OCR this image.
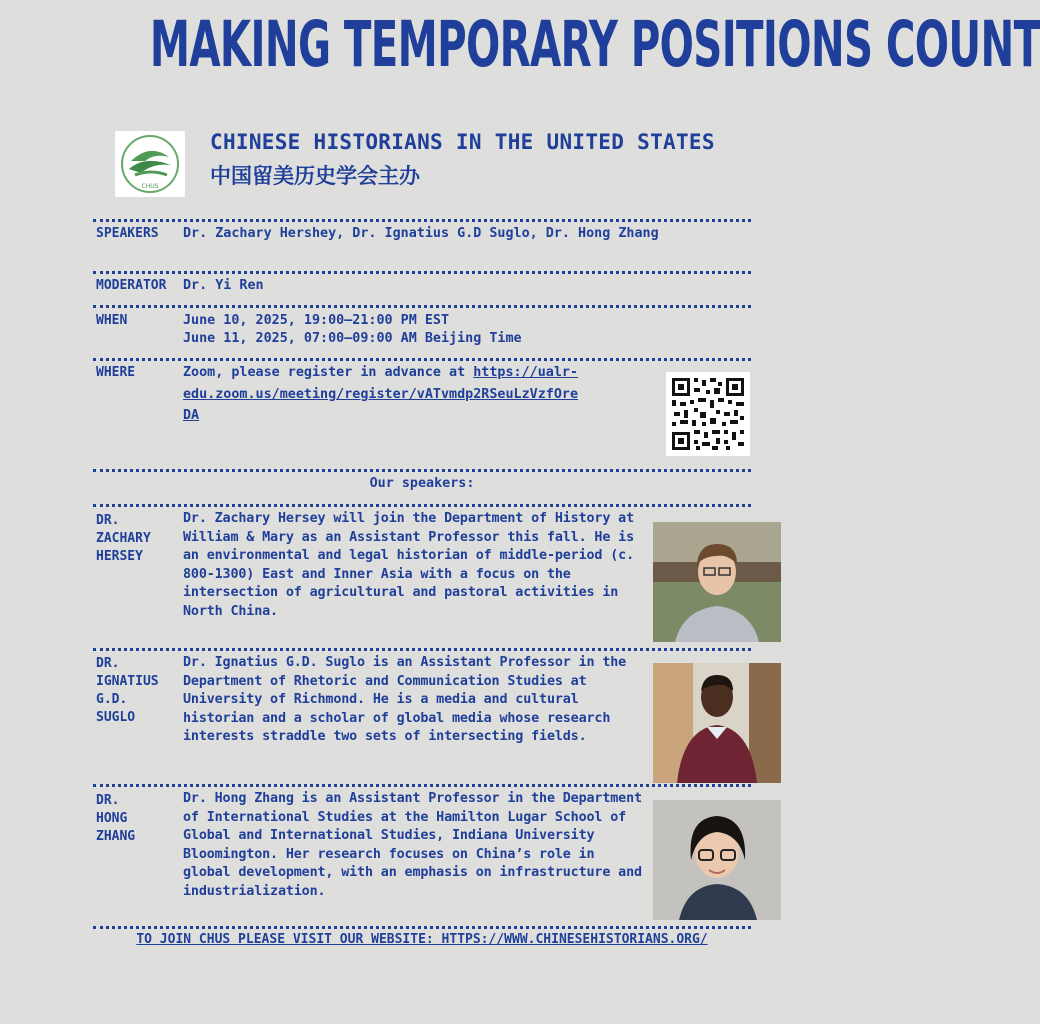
MAKING TEMPORARY POSITIONS COUNT
CHUS
CHINESE HISTORIANS IN THE UNITED STATES
中国留美历史学会主办
SPEAKERS Dr. Zachary Hershey, Dr. Ignatius G.D Suglo, Dr. Hong Zhang
MODERATOR Dr. Yi Ren
WHEN	June 10, 2025, 19:00–21:00 PM EST
June 11, 2025, 07:00–09:00 AM Beijing Time
WHERE	Zoom, please register in advance at https://ualr-
edu.zoom.us/meeting/register/vATvmdp2RSeuLzVzfOre
DA
Our speakers:
DR.
ZACHARY
HERSEY
Dr. Zachary Hersey will join the Department of History at William & Mary as an Assistant Professor this fall. He is an environmental and legal historian of middle-period (c. 800-1300) East and Inner Asia with a focus on the intersection of agricultural and pastoral activities in North China.
DR.
IGNATIUS
G.D.
SUGLO
Dr. Ignatius G.D. Suglo is an Assistant Professor in the Department of Rhetoric and Communication Studies at University of Richmond. He is a media and cultural historian and a scholar of global media whose research interests straddle two sets of intersecting fields.
DR.
HONG
ZHANG
Dr. Hong Zhang is an Assistant Professor in the Department of International Studies at the Hamilton Lugar School of Global and International Studies, Indiana University Bloomington. Her research focuses on China’s role in global development, with an emphasis on infrastructure and industrialization.
TO JOIN CHUS PLEASE VISIT OUR WEBSITE: HTTPS://WWW.CHINESEHISTORIANS.ORG/
